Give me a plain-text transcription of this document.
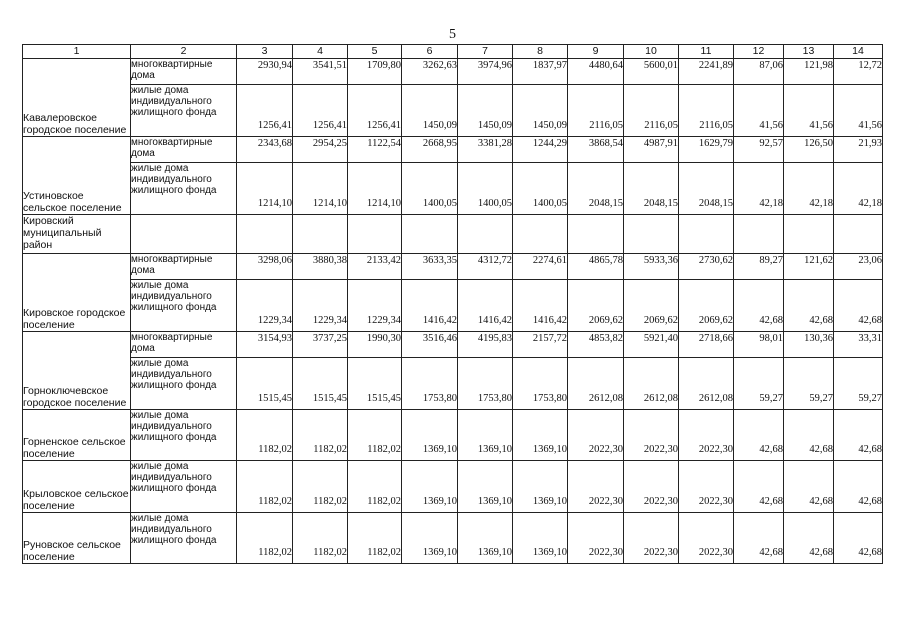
5
1	2	3	4	5	6	7	8	9	10	11	12	13	14
Кавалеровское городское поселение	многоквартирные дома	2930,94	3541,51	1709,80	3262,63	3974,96	1837,97	4480,64	5600,01	2241,89	87,06	121,98	12,72
	жилые дома индивидуального жилищного фонда	1256,41	1256,41	1256,41	1450,09	1450,09	1450,09	2116,05	2116,05	2116,05	41,56	41,56	41,56
Устиновское сельское поселение	многоквартирные дома	2343,68	2954,25	1122,54	2668,95	3381,28	1244,29	3868,54	4987,91	1629,79	92,57	126,50	21,93
	жилые дома индивидуального жилищного фонда	1214,10	1214,10	1214,10	1400,05	1400,05	1400,05	2048,15	2048,15	2048,15	42,18	42,18	42,18
Кировский муниципальный район													
Кировское городское поселение	многоквартирные дома	3298,06	3880,38	2133,42	3633,35	4312,72	2274,61	4865,78	5933,36	2730,62	89,27	121,62	23,06
	жилые дома индивидуального жилищного фонда	1229,34	1229,34	1229,34	1416,42	1416,42	1416,42	2069,62	2069,62	2069,62	42,68	42,68	42,68
Горноключевское городское поселение	многоквартирные дома	3154,93	3737,25	1990,30	3516,46	4195,83	2157,72	4853,82	5921,40	2718,66	98,01	130,36	33,31
	жилые дома индивидуального жилищного фонда	1515,45	1515,45	1515,45	1753,80	1753,80	1753,80	2612,08	2612,08	2612,08	59,27	59,27	59,27
Горненское сельское поселение	жилые дома индивидуального жилищного фонда	1182,02	1182,02	1182,02	1369,10	1369,10	1369,10	2022,30	2022,30	2022,30	42,68	42,68	42,68
Крыловское сельское поселение	жилые дома индивидуального жилищного фонда	1182,02	1182,02	1182,02	1369,10	1369,10	1369,10	2022,30	2022,30	2022,30	42,68	42,68	42,68
Руновское сельское поселение	жилые дома индивидуального жилищного фонда	1182,02	1182,02	1182,02	1369,10	1369,10	1369,10	2022,30	2022,30	2022,30	42,68	42,68	42,68
